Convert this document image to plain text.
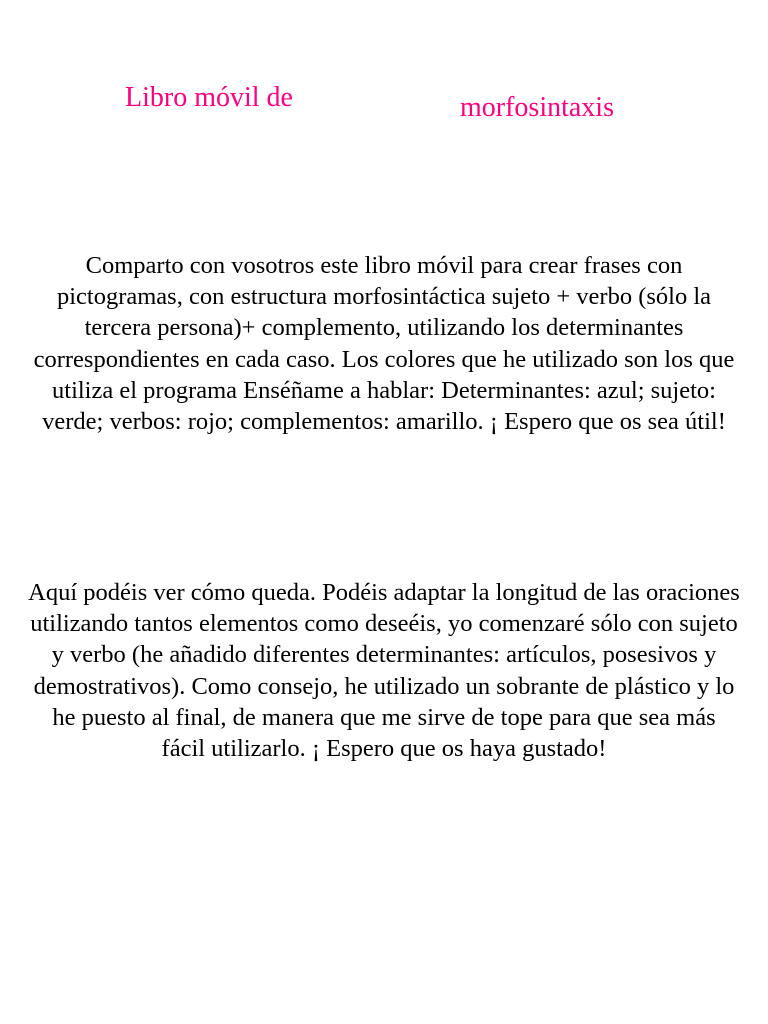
Libro móvil de	morfosintaxis

Comparto con vosotros este libro móvil para crear frases con pictogramas, con estructura morfosintáctica sujeto + verbo (sólo la tercera persona)+ complemento, utilizando los determinantes correspondientes en cada caso. Los colores que he utilizado son los que utiliza el programa Enséñame a hablar: Determinantes: azul; sujeto: verde; verbos: rojo; complementos: amarillo. ¡ Espero que os sea útil!

Aquí podéis ver cómo queda. Podéis adaptar la longitud de las oraciones utilizando tantos elementos como deseéis, yo comenzaré sólo con sujeto y verbo (he añadido diferentes determinantes: artículos, posesivos y demostrativos). Como consejo, he utilizado un sobrante de plástico y lo he puesto al final, de manera que me sirve de tope para que sea más fácil utilizarlo. ¡ Espero que os haya gustado!
